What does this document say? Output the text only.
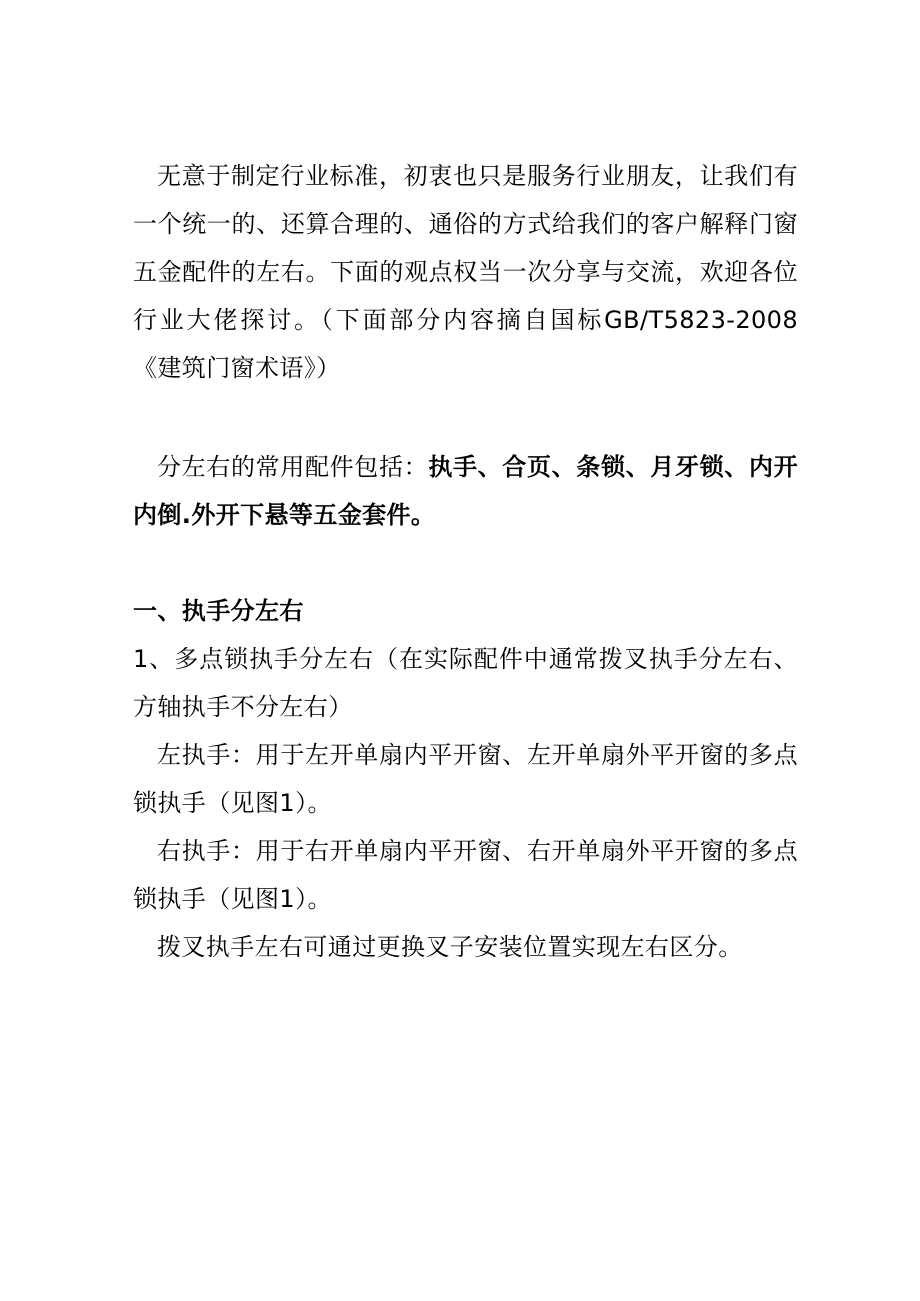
无意于制定行业标准，初衷也只是服务行业朋友，让我们有一个统一的、还算合理的、通俗的方式给我们的客户解释门窗五金配件的左右。下面的观点权当一次分享与交流，欢迎各位行业大佬探讨。（下面部分内容摘自国标GB/T5823-2008《建筑门窗术语》）

分左右的常用配件包括：执手、合页、条锁、月牙锁、内开内倒.外开下悬等五金套件。

一、执手分左右

1、多点锁执手分左右（在实际配件中通常拨叉执手分左右、方轴执手不分左右）

左执手：用于左开单扇内平开窗、左开单扇外平开窗的多点锁执手（见图1）。

右执手：用于右开单扇内平开窗、右开单扇外平开窗的多点锁执手（见图1）。

拨叉执手左右可通过更换叉子安装位置实现左右区分。
